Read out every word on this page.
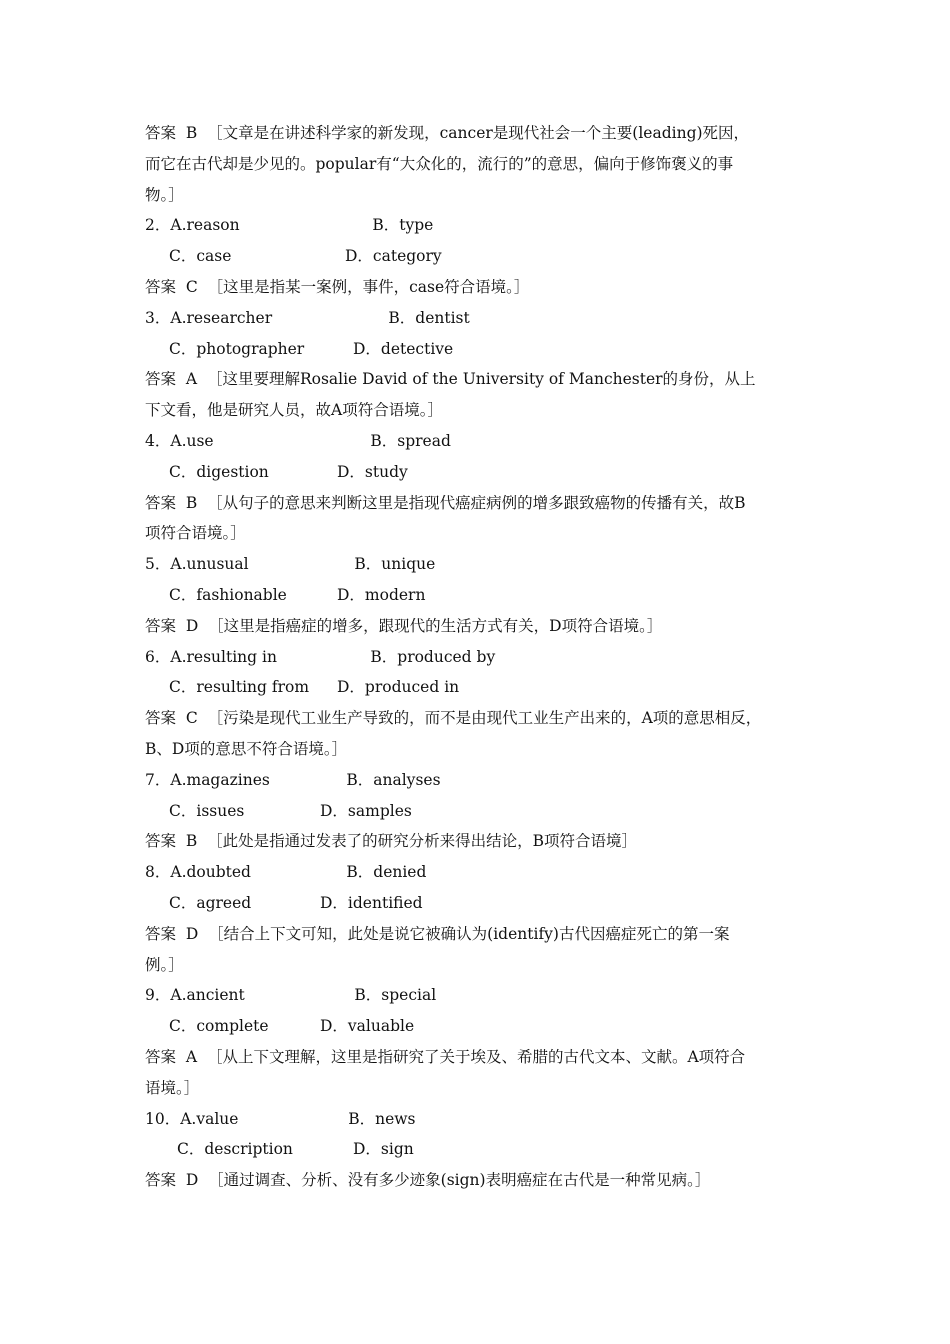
答案 B ［文章是在讲述科学家的新发现，cancer是现代社会一个主要(leading)死因，
而它在古代却是少见的。popular有“大众化的，流行的”的意思，偏向于修饰褒义的事
物。］
2．A.reason	B．type
C．case	D．category
答案 C ［这里是指某一案例，事件，case符合语境。］
3．A.researcher	B．dentist
C．photographer	D．detective
答案 A ［这里要理解Rosalie David of the University of Manchester的身份，从上
下文看，他是研究人员，故A项符合语境。］
4．A.use	B．spread
C．digestion	D．study
答案 B ［从句子的意思来判断这里是指现代癌症病例的增多跟致癌物的传播有关，故B
项符合语境。］
5．A.unusual	B．unique
C．fashionable	D．modern
答案 D ［这里是指癌症的增多，跟现代的生活方式有关，D项符合语境。］
6．A.resulting in	B．produced by
C．resulting from D．produced in
答案 C ［污染是现代工业生产导致的，而不是由现代工业生产出来的，A项的意思相反，
B、D项的意思不符合语境。］
7．A.magazines	B．analyses
C．issues	D．samples
答案 B ［此处是指通过发表了的研究分析来得出结论，B项符合语境］
8．A.doubted	B．denied
C．agreed	D．identified
答案 D ［结合上下文可知，此处是说它被确认为(identify)古代因癌症死亡的第一案
例。］
9．A.ancient	B．special
C．complete	D．valuable
答案 A ［从上下文理解，这里是指研究了关于埃及、希腊的古代文本、文献。A项符合
语境。］
10．A.value	B．news
C．description	D．sign
答案 D ［通过调查、分析、没有多少迹象(sign)表明癌症在古代是一种常见病。］
